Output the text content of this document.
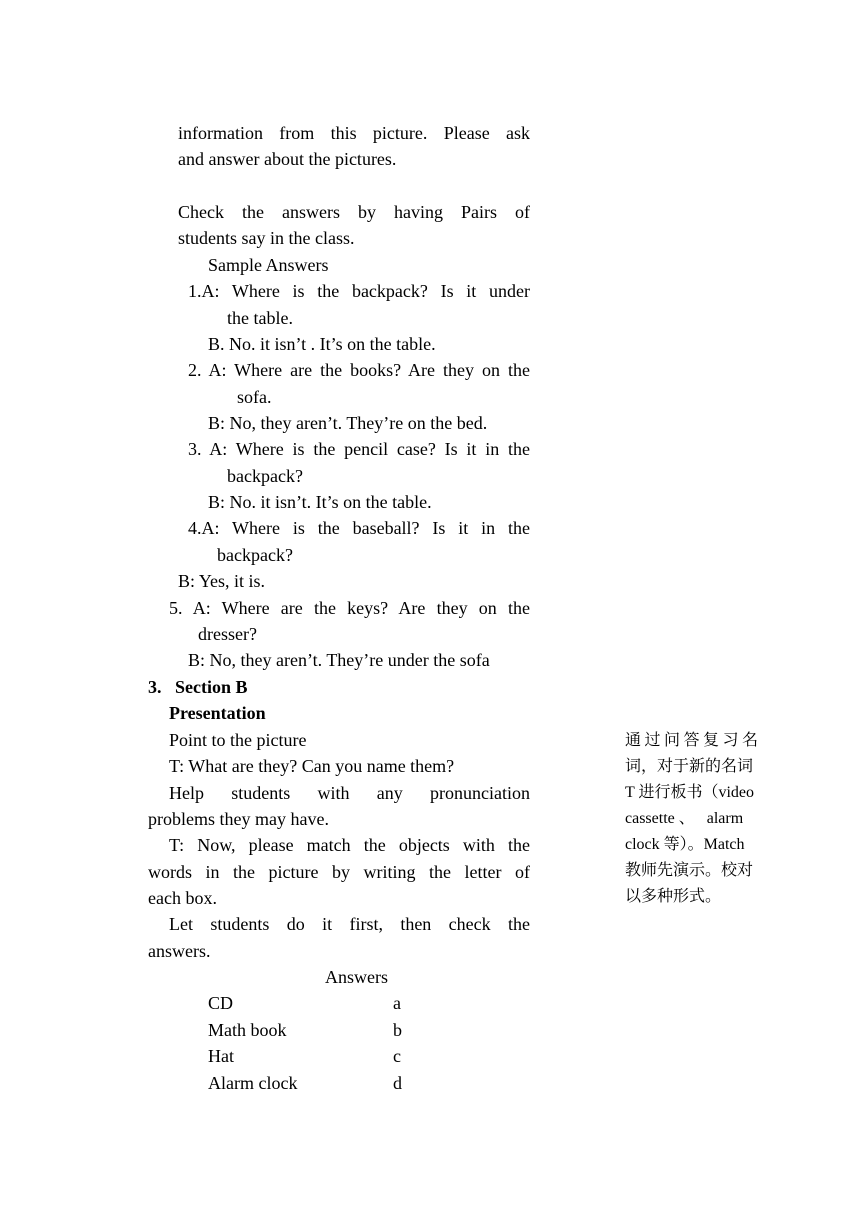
information from this picture. Please ask
and answer about the pictures.
Check the answers by having Pairs of
students say in the class.
Sample Answers
1.A: Where is the backpack? Is it under
the table.
B. No. it isn’t . It’s on the table.
2. A: Where are the books? Are they on the
sofa.
B: No, they aren’t. They’re on the bed.
3. A: Where is the pencil case? Is it in the
backpack?
B: No. it isn’t. It’s on the table.
4.A: Where is the baseball? Is it in the
backpack?
B: Yes, it is.
5. A: Where are the keys? Are they on the
dresser?
B: No, they aren’t. They’re under the sofa
3.   Section B
Presentation
Point to the picture
T: What are they? Can you name them?
Help students with any pronunciation
problems they may have.
T: Now, please match the objects with the
words in the picture by writing the letter of
each box.
Let students do it first, then check the
answers.
Answers
CD	a
Math book	b
Hat	c
Alarm clock	d
通过问答复习名
词，对于新的名词
T 进行板书（video
cassette 、   alarm
clock 等）。Match
教师先演示。校对
以多种形式。
